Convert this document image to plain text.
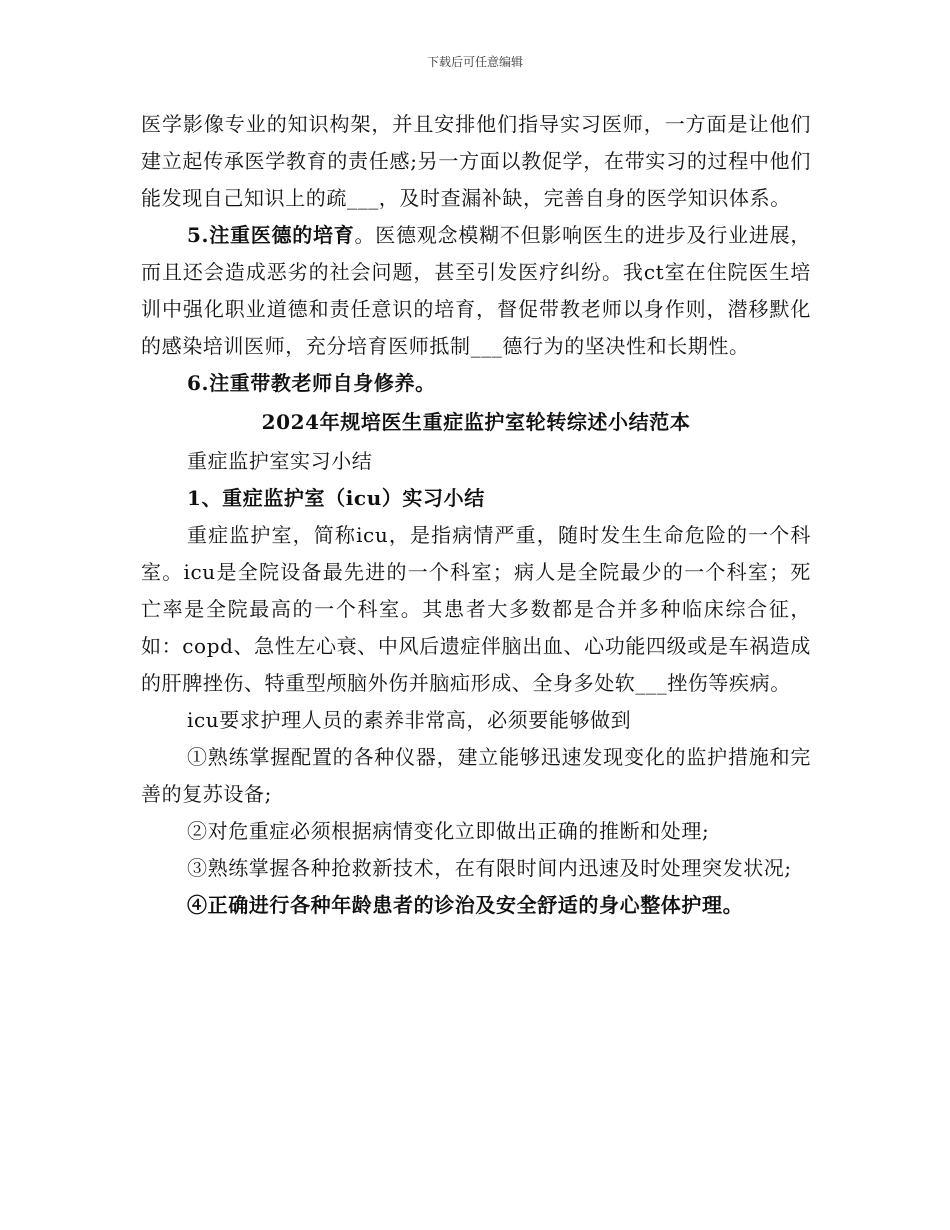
下载后可任意编辑

医学影像专业的知识构架，并且安排他们指导实习医师，一方面是让他们建立起传承医学教育的责任感;另一方面以教促学，在带实习的过程中他们能发现自己知识上的疏___，及时查漏补缺，完善自身的医学知识体系。

5.注重医德的培育。医德观念模糊不但影响医生的进步及行业进展，而且还会造成恶劣的社会问题，甚至引发医疗纠纷。我ct室在住院医生培训中强化职业道德和责任意识的培育，督促带教老师以身作则，潜移默化的感染培训医师，充分培育医师抵制___德行为的坚决性和长期性。

6.注重带教老师自身修养。

2024年规培医生重症监护室轮转综述小结范本

重症监护室实习小结

1、重症监护室（icu）实习小结

重症监护室，简称icu，是指病情严重，随时发生生命危险的一个科室。icu是全院设备最先进的一个科室；病人是全院最少的一个科室；死亡率是全院最高的一个科室。其患者大多数都是合并多种临床综合征，如：copd、急性左心衰、中风后遗症伴脑出血、心功能四级或是车祸造成的肝脾挫伤、特重型颅脑外伤并脑疝形成、全身多处软___挫伤等疾病。

icu要求护理人员的素养非常高，必须要能够做到

①熟练掌握配置的各种仪器，建立能够迅速发现变化的监护措施和完善的复苏设备;

②对危重症必须根据病情变化立即做出正确的推断和处理;

③熟练掌握各种抢救新技术，在有限时间内迅速及时处理突发状况;

④正确进行各种年龄患者的诊治及安全舒适的身心整体护理。
